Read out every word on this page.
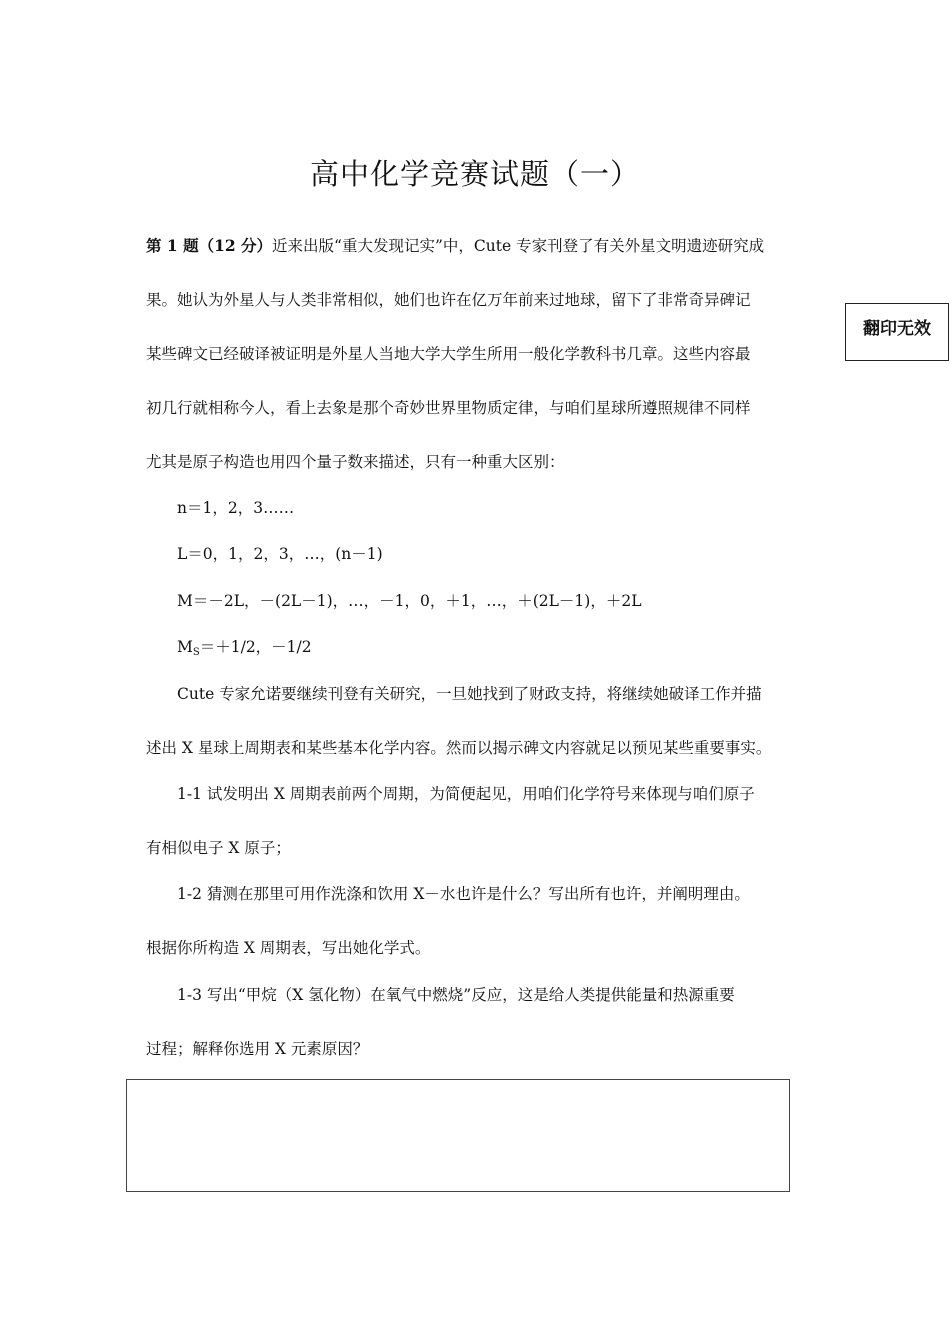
高中化学竞赛试题（一）
翻印无效

第 1 题（12 分）近来出版“重大发现记实”中，Cute 专家刊登了有关外星文明遗迹研究成

果。她认为外星人与人类非常相似，她们也许在亿万年前来过地球，留下了非常奇异碑记

某些碑文已经破译被证明是外星人当地大学大学生所用一般化学教科书几章。这些内容最

初几行就相称今人，看上去象是那个奇妙世界里物质定律，与咱们星球所遵照规律不同样

尤其是原子构造也用四个量子数来描述，只有一种重大区别：

n＝1，2，3……

L＝0，1，2，3，…，(n－1)

M＝－2L，－(2L－1)，…，－1，0，＋1，…，＋(2L－1)，＋2L

$M_S=+1/2$，－1/2

Cute 专家允诺要继续刊登有关研究，一旦她找到了财政支持，将继续她破译工作并描

述出 X 星球上周期表和某些基本化学内容。然而以揭示碑文内容就足以预见某些重要事实。

1-1 试发明出 X 周期表前两个周期，为简便起见，用咱们化学符号来体现与咱们原子

有相似电子 X 原子；

1-2 猜测在那里可用作洗涤和饮用 X－水也许是什么？写出所有也许，并阐明理由。

根据你所构造 X 周期表，写出她化学式。

1-3 写出“甲烷（X 氢化物）在氧气中燃烧”反应，这是给人类提供能量和热源重要

过程；解释你选用 X 元素原因？
